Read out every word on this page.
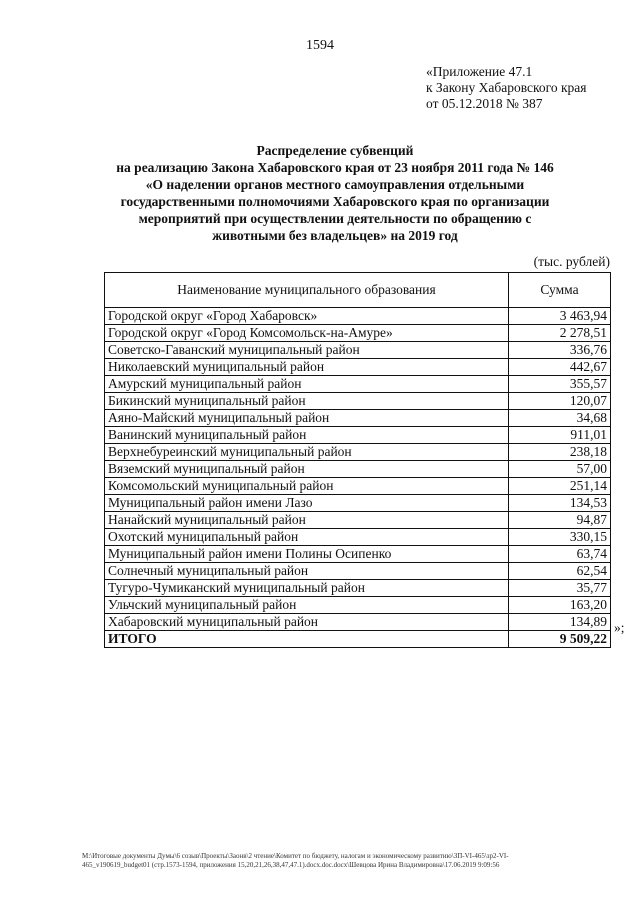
1594
«Приложение 47.1
к Закону Хабаровского края
от 05.12.2018 № 387
Распределение субвенций
на реализацию Закона Хабаровского края от 23 ноября 2011 года № 146
«О наделении органов местного самоуправления отдельными
государственными полномочиями Хабаровского края по организации
мероприятий при осуществлении деятельности по обращению с
животными без владельцев» на 2019 год
(тыс. рублей)
Наименование муниципального образования	Сумма
Городской округ «Город Хабаровск»	3 463,94
Городской округ «Город Комсомольск-на-Амуре»	2 278,51
Советско-Гаванский муниципальный район	336,76
Николаевский муниципальный район	442,67
Амурский муниципальный район	355,57
Бикинский муниципальный район	120,07
Аяно-Майский муниципальный район	34,68
Ванинский муниципальный район	911,01
Верхнебуреинский муниципальный район	238,18
Вяземский муниципальный район	57,00
Комсомольский муниципальный район	251,14
Муниципальный район имени Лазо	134,53
Нанайский муниципальный район	94,87
Охотский муниципальный район	330,15
Муниципальный район имени Полины Осипенко	63,74
Солнечный муниципальный район	62,54
Тугуро-Чумиканский муниципальный район	35,77
Ульчский муниципальный район	163,20
Хабаровский муниципальный район	134,89
ИТОГО	9 509,22
»;
M:\Итоговые документы Думы\6 созыв\Проекты\Заонв\2 чтение\Комитет по бюджету, налогам и экономическому развитию\ЗП-VI-465\зр2-VI-
465_v190619_budget01 (стр.1573-1594, приложения 15,20,21,26,38,47,47.1).docx.doc.docx\Шевцова Ирина Владимировна\17.06.2019 9:09:56
